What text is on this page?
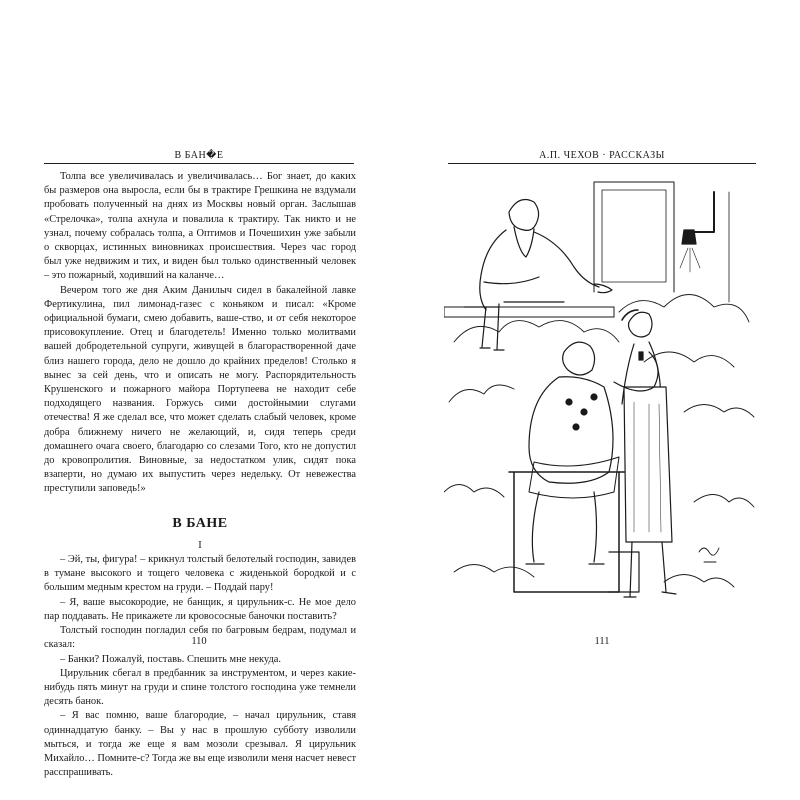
В БАН�Е

Толпа все увеличивалась и увеличивалась… Бог знает, до каких бы размеров она выросла, если бы в трактире Грешкина не вздумали пробовать полученный на днях из Москвы новый орган. Заслышав «Стрелочка», толпа ахнула и повалила к трактиру. Так никто и не узнал, почему собралась толпа, а Оптимов и Почешихин уже забыли о скворцах, истинных виновниках происшествия. Через час город был уже недвижим и тих, и виден был только одинственный человек – это пожарный, ходивший на каланче…

Вечером того же дня Аким Данилыч сидел в бакалейной лавке Фертикулина, пил лимонад-газес с коньяком и писал: «Кроме официальной бумаги, смею добавить, ваше-ство, и от себя некоторое присовокупление. Отец и благодетель! Именно только молитвами вашей добродетельной супруги, живущей в благорастворенной даче близ нашего города, дело не дошло до крайних пределов! Столько я вынес за сей день, что и описать не могу. Распорядительность Крушенского и пожарного майора Портупеева не находит себе подходящего названия. Горжусь сими достойнымии слугами отечества! Я же сделал все, что может сделать слабый человек, кроме добра ближнему ничего не желающий, и, сидя теперь среди домашнего очага своего, благодарю со слезами Того, кто не допустил до кровопролития. Виновные, за недостатком улик, сидят пока взаперти, но думаю их выпустить через недельку. От невежества преступили заповедь!»

В БАНЕ

I

– Эй, ты, фигура! – крикнул толстый белотелый господин, завидев в тумане высокого и тощего человека с жиденькой бородкой и с большим медным крестом на груди. – Поддай пару!

– Я, ваше высокородие, не банщик, я цирульник-с. Не мое дело пар поддавать. Не прикажете ли кровососные баночки поставить?

Толстый господин погладил себя по багровым бедрам, подумал и сказал:

– Банки? Пожалуй, поставь. Спешить мне некуда.

Цирульник сбегал в предбанник за инструментом, и через какие-нибудь пять минут на груди и спине толстого господина уже темнели десять банок.

– Я вас помню, ваше благородие, – начал цирульник, ставя одиннадцатую банку. – Вы у нас в прошлую субботу изволили мыться, и тогда же еще я вам мозоли срезывал. Я цирульник Михайло… Помните-с? Тогда же вы еще изволили меня насчет невест расспрашивать.

110
А.П. ЧЕХОВ · РАССКАЗЫ
111
